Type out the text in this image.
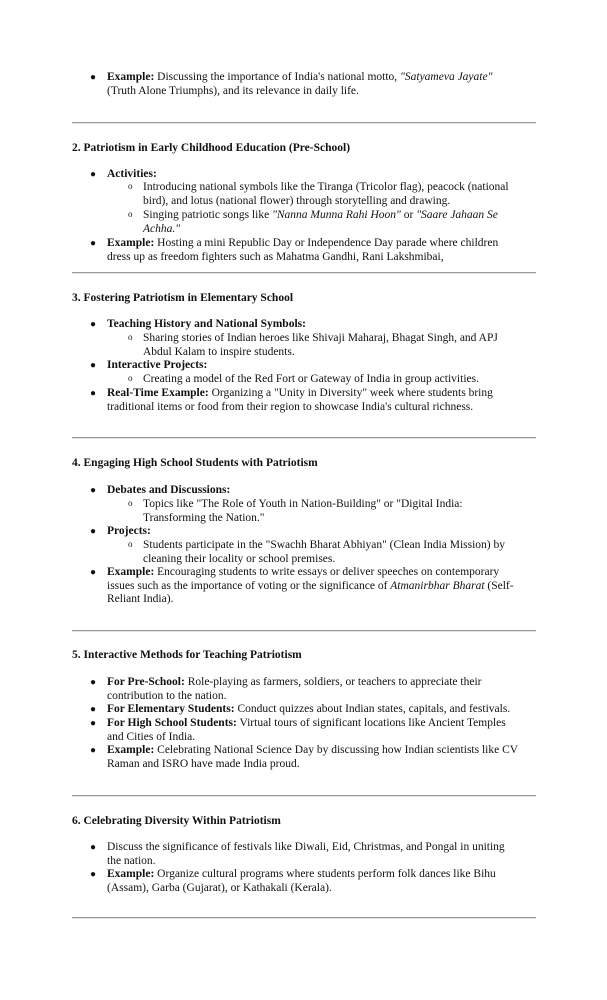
● Example: Discussing the importance of India's national motto, "Satyameva Jayate"
(Truth Alone Triumphs), and its relevance in daily life.
2. Patriotism in Early Childhood Education (Pre-School)
● Activities:
o Introducing national symbols like the Tiranga (Tricolor flag), peacock (national
bird), and lotus (national flower) through storytelling and drawing.
o Singing patriotic songs like "Nanna Munna Rahi Hoon" or "Saare Jahaan Se
Achha."
● Example: Hosting a mini Republic Day or Independence Day parade where children
dress up as freedom fighters such as Mahatma Gandhi, Rani Lakshmibai,
3. Fostering Patriotism in Elementary School
● Teaching History and National Symbols:
o Sharing stories of Indian heroes like Shivaji Maharaj, Bhagat Singh, and APJ
Abdul Kalam to inspire students.
● Interactive Projects:
o Creating a model of the Red Fort or Gateway of India in group activities.
● Real-Time Example: Organizing a "Unity in Diversity" week where students bring
traditional items or food from their region to showcase India's cultural richness.
4. Engaging High School Students with Patriotism
● Debates and Discussions:
o Topics like "The Role of Youth in Nation-Building" or "Digital India:
Transforming the Nation."
● Projects:
o Students participate in the "Swachh Bharat Abhiyan" (Clean India Mission) by
cleaning their locality or school premises.
● Example: Encouraging students to write essays or deliver speeches on contemporary
issues such as the importance of voting or the significance of Atmanirbhar Bharat (Self-
Reliant India).
5. Interactive Methods for Teaching Patriotism
● For Pre-School: Role-playing as farmers, soldiers, or teachers to appreciate their
contribution to the nation.
● For Elementary Students: Conduct quizzes about Indian states, capitals, and festivals.
● For High School Students: Virtual tours of significant locations like Ancient Temples
and Cities of India.
● Example: Celebrating National Science Day by discussing how Indian scientists like CV
Raman and ISRO have made India proud.
6. Celebrating Diversity Within Patriotism
● Discuss the significance of festivals like Diwali, Eid, Christmas, and Pongal in uniting
the nation.
● Example: Organize cultural programs where students perform folk dances like Bihu
(Assam), Garba (Gujarat), or Kathakali (Kerala).
